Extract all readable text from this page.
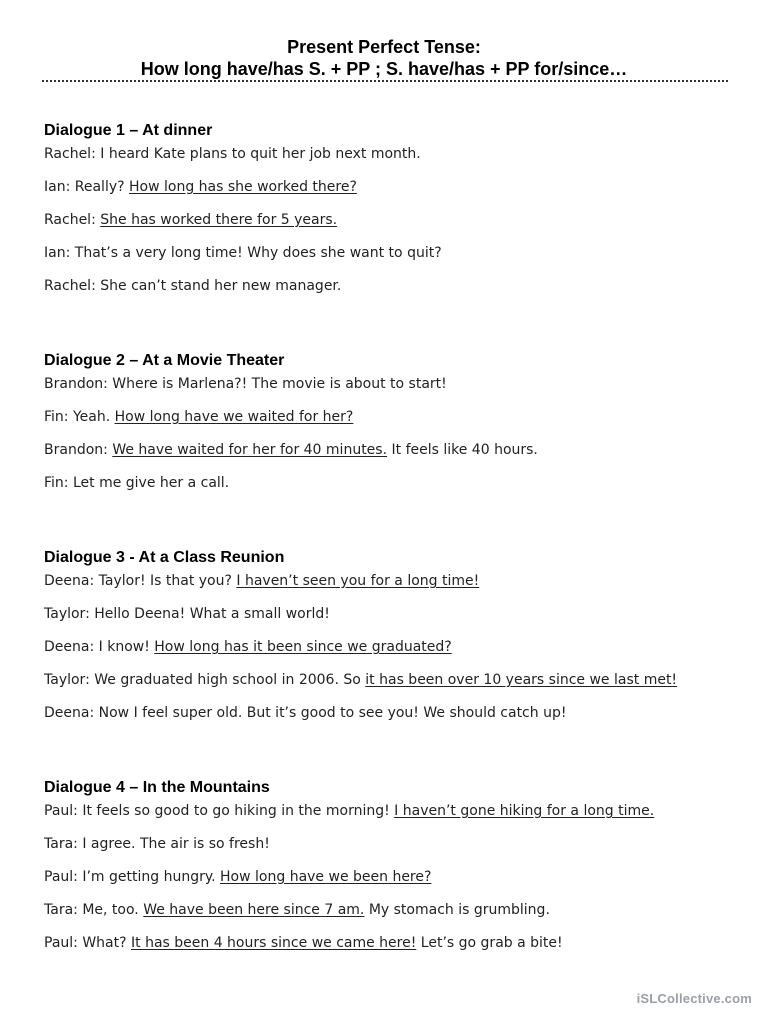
Present Perfect Tense:
How long have/has S. + PP ; S. have/has + PP for/since…
Dialogue 1 – At dinner
Rachel: I heard Kate plans to quit her job next month.
Ian: Really? How long has she worked there?
Rachel: She has worked there for 5 years.
Ian: That’s a very long time! Why does she want to quit?
Rachel: She can’t stand her new manager.
Dialogue 2 – At a Movie Theater
Brandon: Where is Marlena?! The movie is about to start!
Fin: Yeah. How long have we waited for her?
Brandon: We have waited for her for 40 minutes. It feels like 40 hours.
Fin: Let me give her a call.
Dialogue 3 - At a Class Reunion
Deena: Taylor! Is that you? I haven’t seen you for a long time!
Taylor: Hello Deena! What a small world!
Deena: I know! How long has it been since we graduated?
Taylor: We graduated high school in 2006. So it has been over 10 years since we last met!
Deena: Now I feel super old. But it’s good to see you! We should catch up!
Dialogue 4 – In the Mountains
Paul: It feels so good to go hiking in the morning! I haven’t gone hiking for a long time.
Tara: I agree. The air is so fresh!
Paul: I’m getting hungry. How long have we been here?
Tara: Me, too. We have been here since 7 am. My stomach is grumbling.
Paul: What? It has been 4 hours since we came here! Let’s go grab a bite!
iSLCollective.com
